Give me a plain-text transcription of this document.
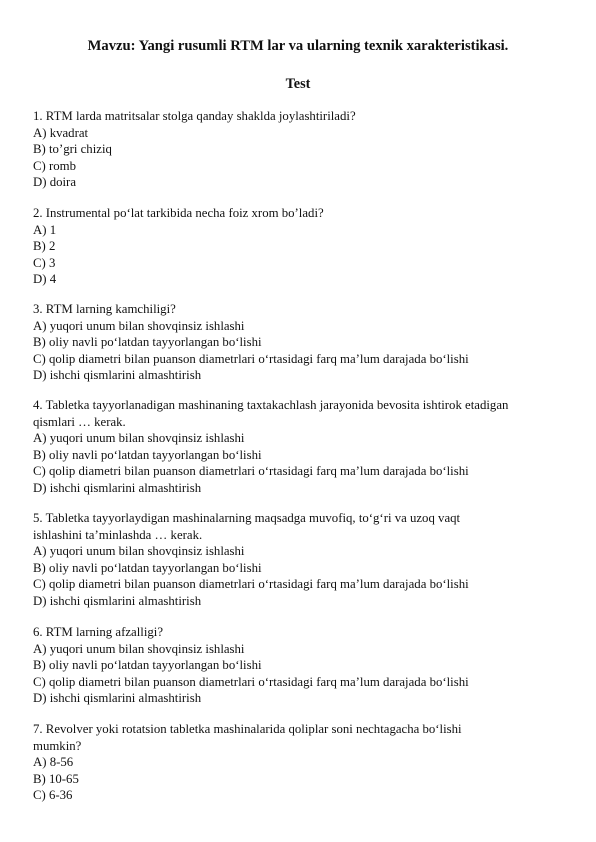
Mavzu: Yangi rusumli RTM lar va ularning texnik xarakteristikasi.
Test
1. RTM larda matritsalar stolga qanday shaklda joylashtiriladi?
A) kvadrat
B) to’gri chiziq
C) romb
D) doira
2. Instrumental po‘lat tarkibida necha foiz xrom bo’ladi?
A) 1
B) 2
C) 3
D) 4
3. RTM larning kamchiligi?
A) yuqori unum bilan shovqinsiz ishlashi
B) oliy navli po‘latdan tayyorlangan bo‘lishi
C) qolip diametri bilan puanson diametrlari o‘rtasidagi farq ma’lum darajada bo‘lishi
D) ishchi qismlarini almashtirish
4. Tabletka tayyorlanadigan mashinaning taxtakachlash jarayonida bevosita ishtirok etadigan
qismlari … kerak.
A) yuqori unum bilan shovqinsiz ishlashi
B) oliy navli po‘latdan tayyorlangan bo‘lishi
C) qolip diametri bilan puanson diametrlari o‘rtasidagi farq ma’lum darajada bo‘lishi
D) ishchi qismlarini almashtirish
5. Tabletka tayyorlaydigan mashinalarning maqsadga muvofiq, to‘g‘ri va uzoq vaqt
ishlashini ta’minlashda … kerak.
A) yuqori unum bilan shovqinsiz ishlashi
B) oliy navli po‘latdan tayyorlangan bo‘lishi
C) qolip diametri bilan puanson diametrlari o‘rtasidagi farq ma’lum darajada bo‘lishi
D) ishchi qismlarini almashtirish
6. RTM larning afzalligi?
A) yuqori unum bilan shovqinsiz ishlashi
B) oliy navli po‘latdan tayyorlangan bo‘lishi
C) qolip diametri bilan puanson diametrlari o‘rtasidagi farq ma’lum darajada bo‘lishi
D) ishchi qismlarini almashtirish
7. Revolver yoki rotatsion tabletka mashinalarida qoliplar soni nechtagacha bo‘lishi
mumkin?
A) 8-56
B) 10-65
C) 6-36
